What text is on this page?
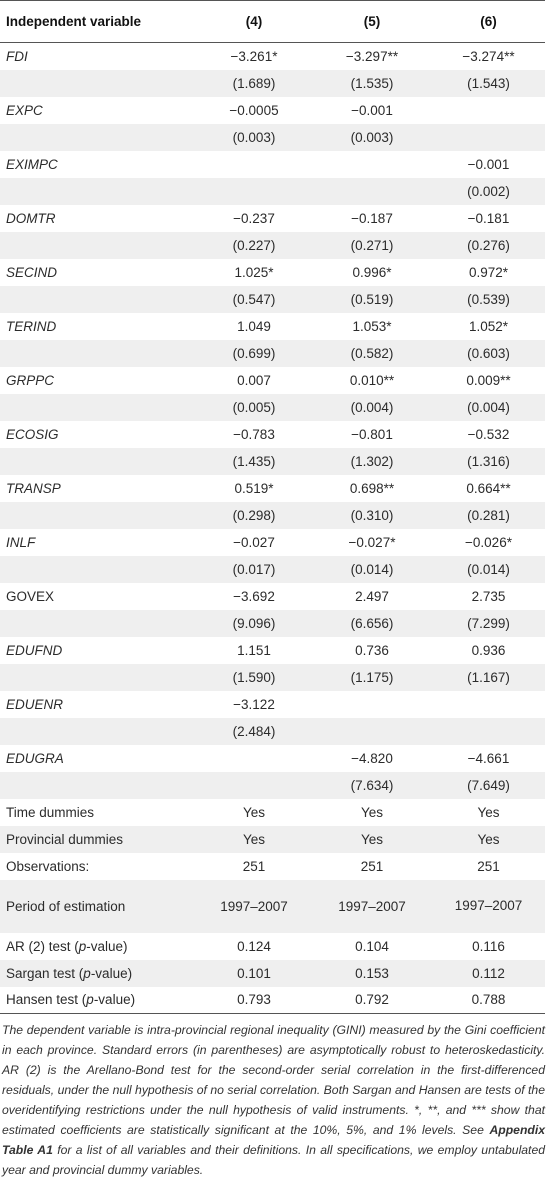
Independent variable	(4)	(5)	(6)
FDI	−3.261*	−3.297**	−3.274**
	(1.689)	(1.535)	(1.543)
EXPC	−0.0005	−0.001	
	(0.003)	(0.003)	
EXIMPC			−0.001
			(0.002)
DOMTR	−0.237	−0.187	−0.181
	(0.227)	(0.271)	(0.276)
SECIND	1.025*	0.996*	0.972*
	(0.547)	(0.519)	(0.539)
TERIND	1.049	1.053*	1.052*
	(0.699)	(0.582)	(0.603)
GRPPC	0.007	0.010**	0.009**
	(0.005)	(0.004)	(0.004)
ECOSIG	−0.783	−0.801	−0.532
	(1.435)	(1.302)	(1.316)
TRANSP	0.519*	0.698**	0.664**
	(0.298)	(0.310)	(0.281)
INLF	−0.027	−0.027*	−0.026*
	(0.017)	(0.014)	(0.014)
GOVEX	−3.692	2.497	2.735
	(9.096)	(6.656)	(7.299)
EDUFND	1.151	0.736	0.936
	(1.590)	(1.175)	(1.167)
EDUENR	−3.122		
	(2.484)		
EDUGRA		−4.820	−4.661
		(7.634)	(7.649)
Time dummies	Yes	Yes	Yes
Provincial dummies	Yes	Yes	Yes
Observations:	251	251	251
Period of estimation	1997–2007	1997–2007	1997–2007
AR (2) test (p-value)	0.124	0.104	0.116
Sargan test (p-value)	0.101	0.153	0.112
Hansen test (p-value)	0.793	0.792	0.788
The dependent variable is intra-provincial regional inequality (GINI) measured by the Gini coefficient in each province. Standard errors (in parentheses) are asymptotically robust to heteroskedasticity. AR (2) is the Arellano-Bond test for the second-order serial correlation in the first-differenced residuals, under the null hypothesis of no serial correlation. Both Sargan and Hansen are tests of the overidentifying restrictions under the null hypothesis of valid instruments. *, **, and *** show that estimated coefficients are statistically significant at the 10%, 5%, and 1% levels. See Appendix Table A1 for a list of all variables and their definitions. In all specifications, we employ untabulated year and provincial dummy variables.
